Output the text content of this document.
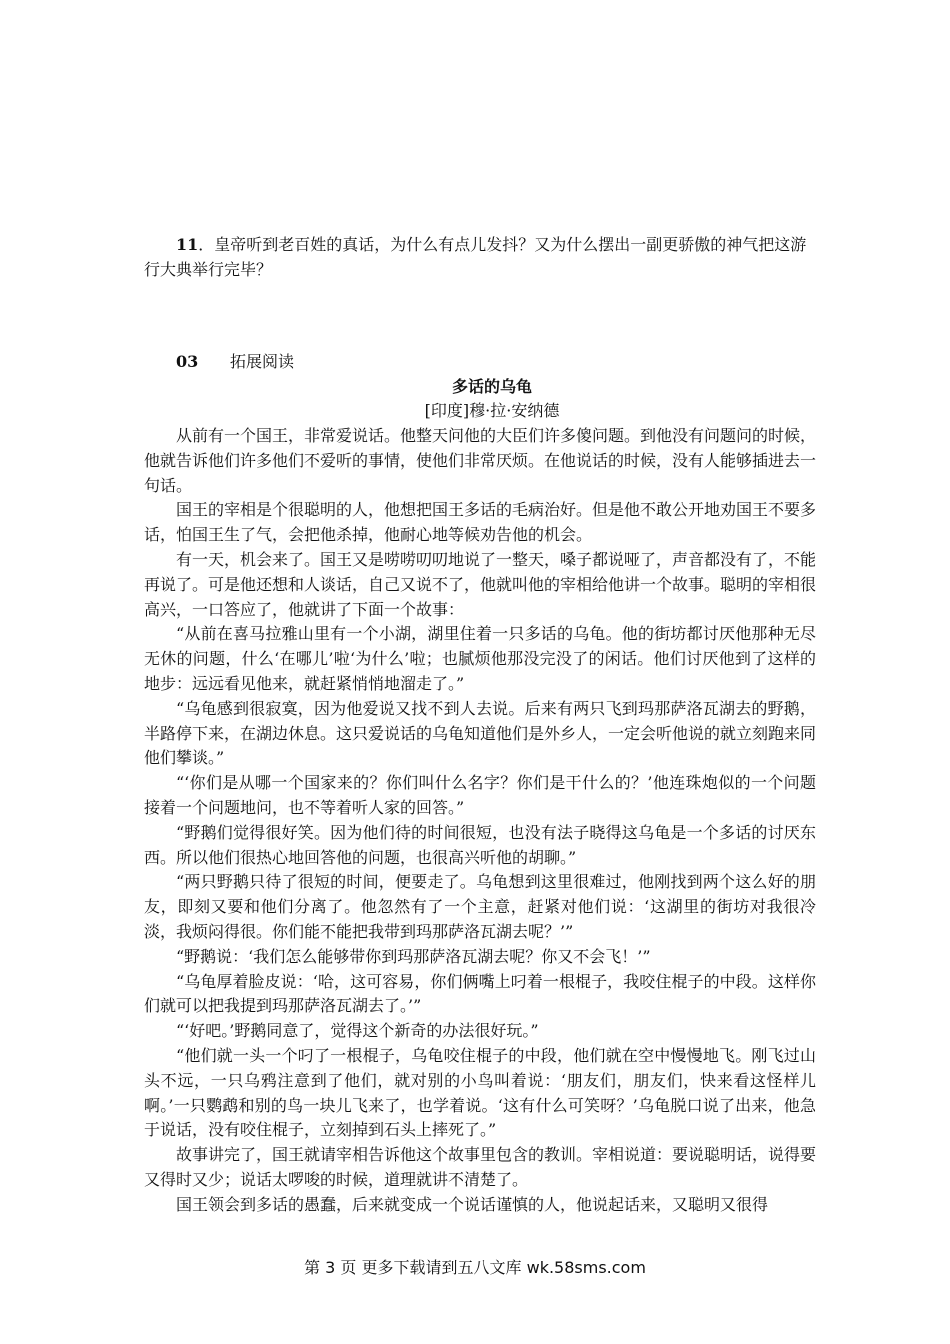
11．皇帝听到老百姓的真话，为什么有点儿发抖？又为什么摆出一副更骄傲的神气把这游行大典举行完毕？

03 拓展阅读

多话的乌龟

[印度]穆·拉·安纳德

从前有一个国王，非常爱说话。他整天问他的大臣们许多傻问题。到他没有问题问的时候，他就告诉他们许多他们不爱听的事情，使他们非常厌烦。在他说话的时候，没有人能够插进去一句话。

国王的宰相是个很聪明的人，他想把国王多话的毛病治好。但是他不敢公开地劝国王不要多话，怕国王生了气，会把他杀掉，他耐心地等候劝告他的机会。

有一天，机会来了。国王又是唠唠叨叨地说了一整天，嗓子都说哑了，声音都没有了，不能再说了。可是他还想和人谈话，自己又说不了，他就叫他的宰相给他讲一个故事。聪明的宰相很高兴，一口答应了，他就讲了下面一个故事：

“从前在喜马拉雅山里有一个小湖，湖里住着一只多话的乌龟。他的街坊都讨厌他那种无尽无休的问题，什么‘在哪儿’啦‘为什么’啦；也腻烦他那没完没了的闲话。他们讨厌他到了这样的地步：远远看见他来，就赶紧悄悄地溜走了。”

“乌龟感到很寂寞，因为他爱说又找不到人去说。后来有两只飞到玛那萨洛瓦湖去的野鹅，半路停下来，在湖边休息。这只爱说话的乌龟知道他们是外乡人，一定会听他说的就立刻跑来同他们攀谈。”

“‘你们是从哪一个国家来的？你们叫什么名字？你们是干什么的？’他连珠炮似的一个问题接着一个问题地问，也不等着听人家的回答。”

“野鹅们觉得很好笑。因为他们待的时间很短，也没有法子晓得这乌龟是一个多话的讨厌东西。所以他们很热心地回答他的问题，也很高兴听他的胡聊。”

“两只野鹅只待了很短的时间，便要走了。乌龟想到这里很难过，他刚找到两个这么好的朋友，即刻又要和他们分离了。他忽然有了一个主意，赶紧对他们说：‘这湖里的街坊对我很冷淡，我烦闷得很。你们能不能把我带到玛那萨洛瓦湖去呢？’”

“野鹅说：‘我们怎么能够带你到玛那萨洛瓦湖去呢？你又不会飞！’”

“乌龟厚着脸皮说：‘哈，这可容易，你们俩嘴上叼着一根棍子，我咬住棍子的中段。这样你们就可以把我提到玛那萨洛瓦湖去了。’”

“‘好吧。’野鹅同意了，觉得这个新奇的办法很好玩。”

“他们就一头一个叼了一根棍子，乌龟咬住棍子的中段，他们就在空中慢慢地飞。刚飞过山头不远，一只乌鸦注意到了他们，就对别的小鸟叫着说：‘朋友们，朋友们，快来看这怪样儿啊。’一只鹦鹉和别的鸟一块儿飞来了，也学着说。‘这有什么可笑呀？’乌龟脱口说了出来，他急于说话，没有咬住棍子，立刻掉到石头上摔死了。”

故事讲完了，国王就请宰相告诉他这个故事里包含的教训。宰相说道：要说聪明话，说得要又得时又少；说话太啰唆的时候，道理就讲不清楚了。

国王领会到多话的愚蠢，后来就变成一个说话谨慎的人，他说起话来，又聪明又很得

第 3 页 更多下载请到五八文库 wk.58sms.com
